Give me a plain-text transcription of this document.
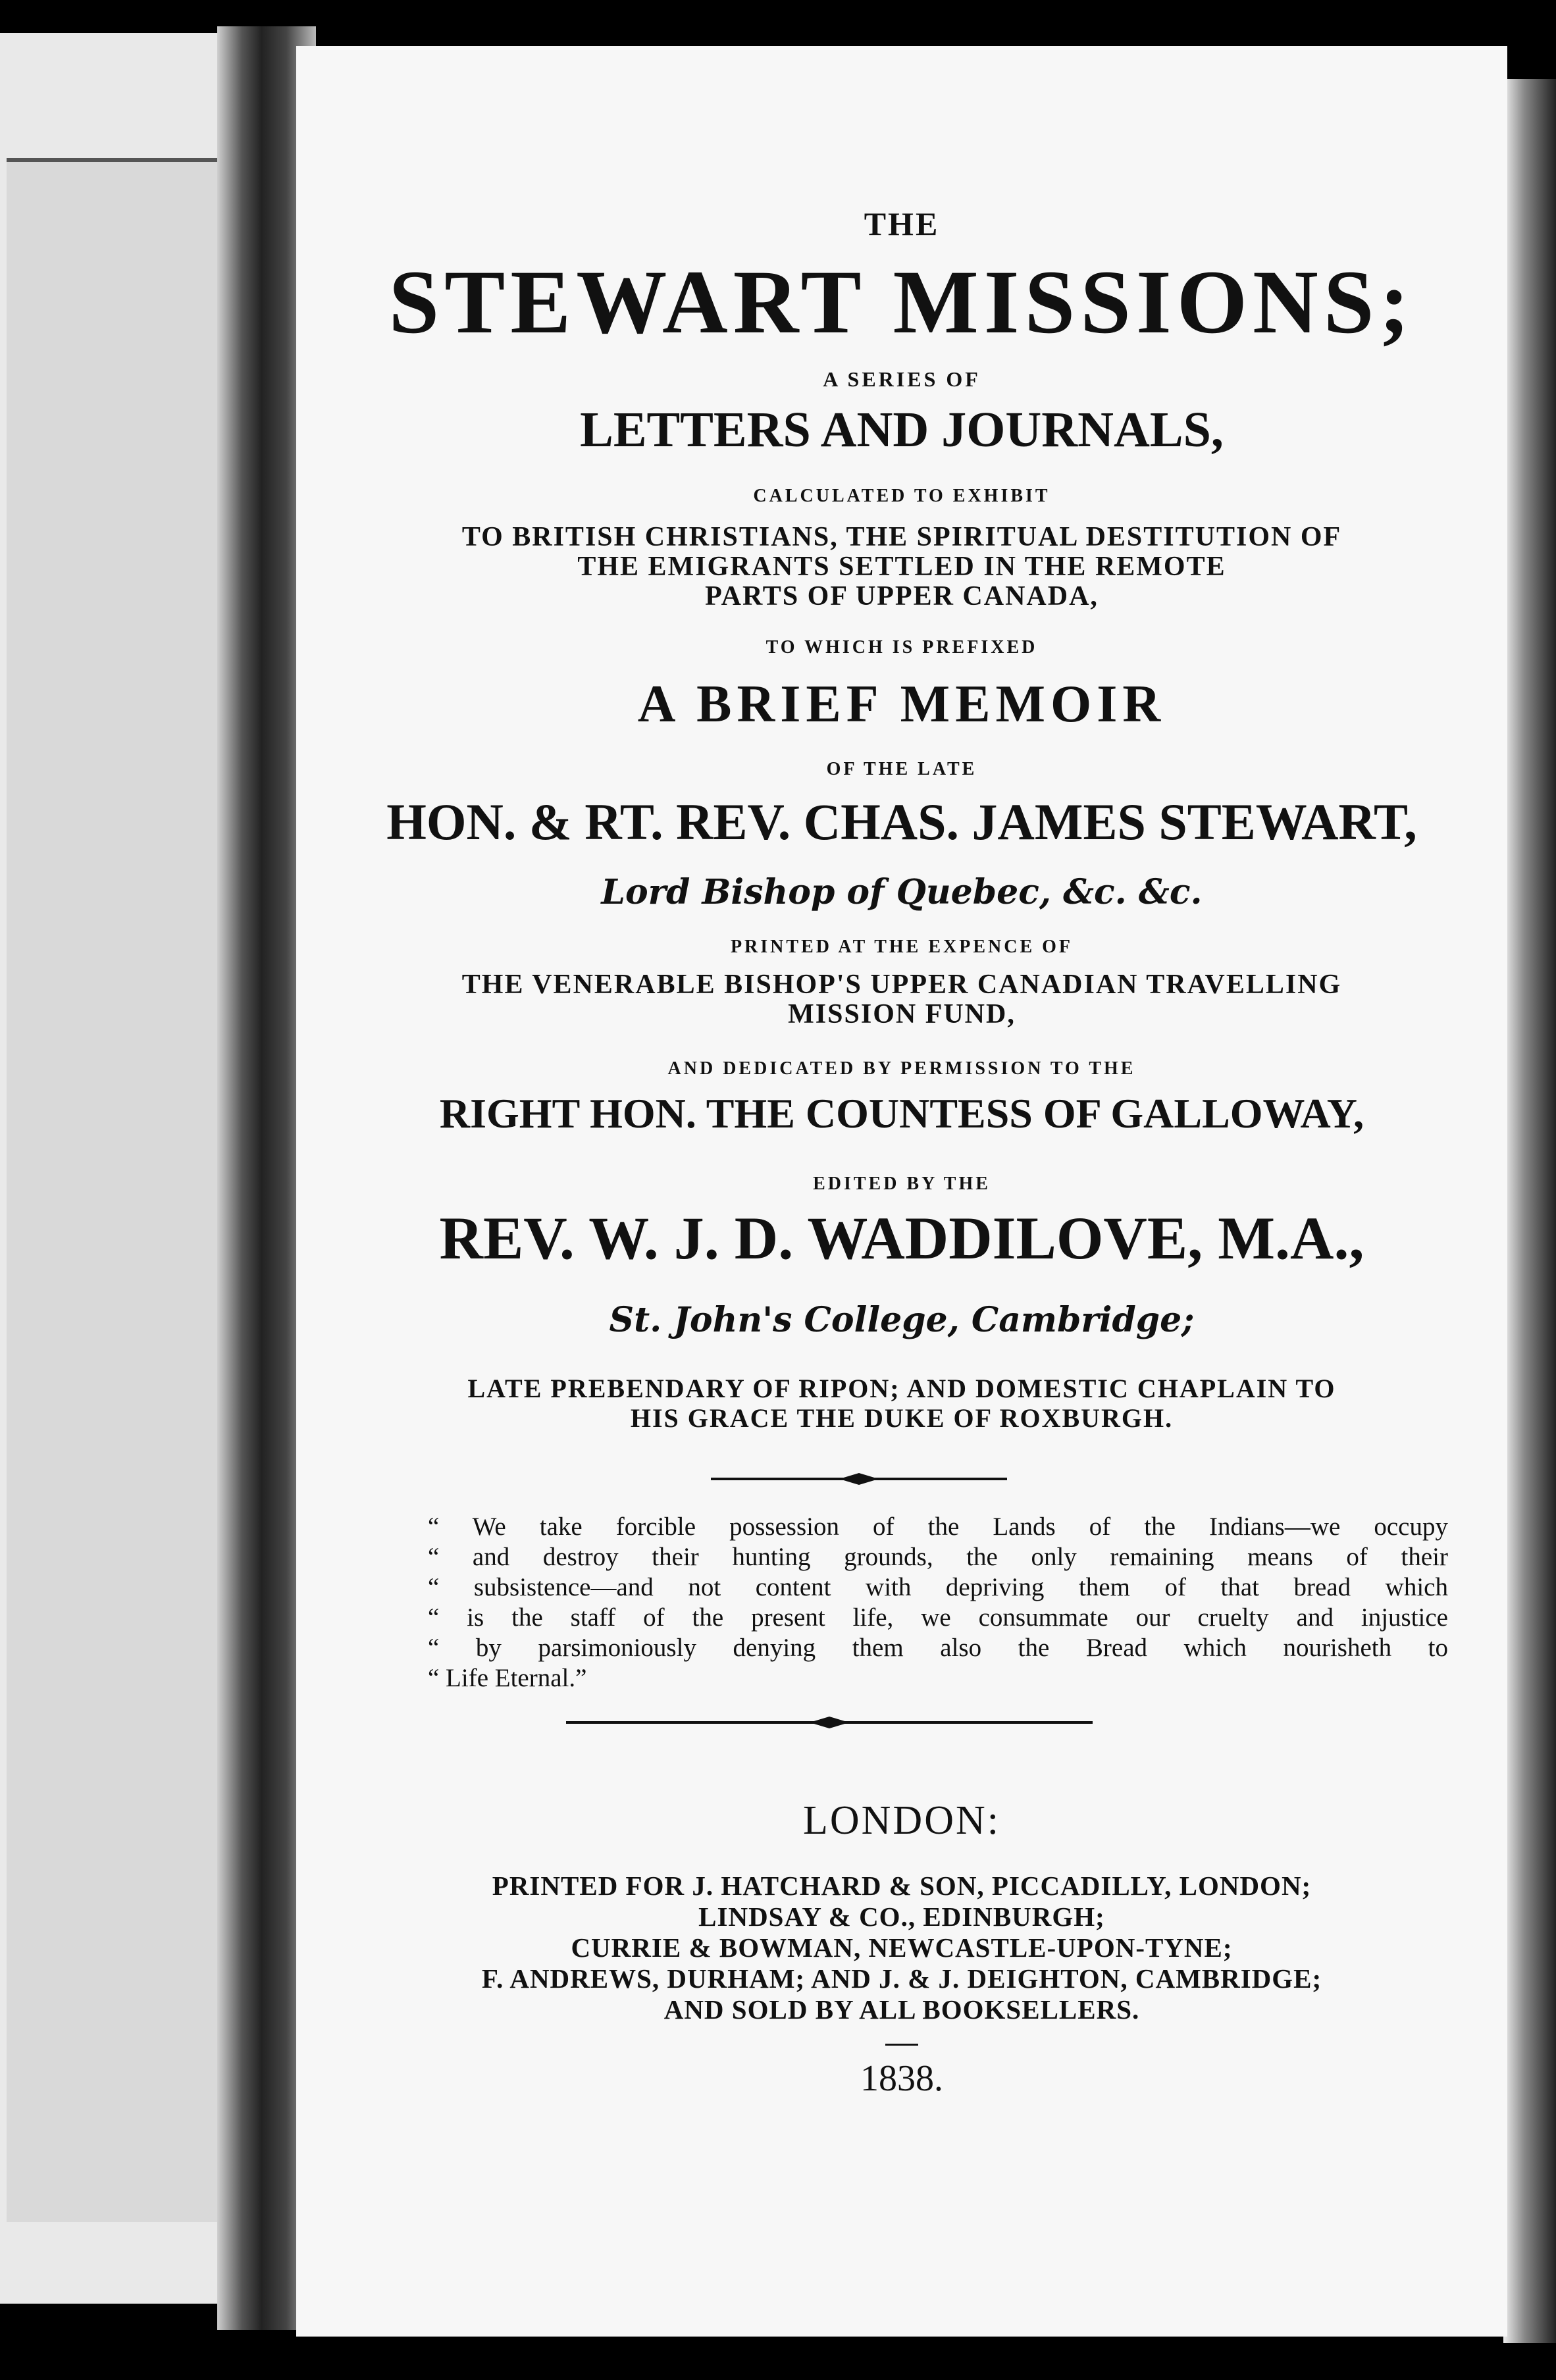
THE
STEWART MISSIONS;
A SERIES OF
LETTERS AND JOURNALS,
CALCULATED TO EXHIBIT
TO BRITISH CHRISTIANS, THE SPIRITUAL DESTITUTION OF
THE EMIGRANTS SETTLED IN THE REMOTE
PARTS OF UPPER CANADA,
TO WHICH IS PREFIXED
A BRIEF MEMOIR
OF THE LATE
HON. & RT. REV. CHAS. JAMES STEWART,
Lord Bishop of Quebec, &c. &c.
PRINTED AT THE EXPENCE OF
THE VENERABLE BISHOP'S UPPER CANADIAN TRAVELLING
MISSION FUND,
AND DEDICATED BY PERMISSION TO THE
RIGHT HON. THE COUNTESS OF GALLOWAY,
EDITED BY THE
REV. W. J. D. WADDILOVE, M.A.,
St. John's College, Cambridge;
LATE PREBENDARY OF RIPON; AND DOMESTIC CHAPLAIN TO
HIS GRACE THE DUKE OF ROXBURGH.
“ We take forcible possession of the Lands of the Indians—we occupy
“ and destroy their hunting grounds, the only remaining means of their
“ subsistence—and not content with depriving them of that bread which
“ is the staff of the present life, we consummate our cruelty and injustice
“ by parsimoniously denying them also the Bread which nourisheth to
“ Life Eternal.”
LONDON:
PRINTED FOR J. HATCHARD & SON, PICCADILLY, LONDON;
LINDSAY & CO., EDINBURGH;
CURRIE & BOWMAN, NEWCASTLE-UPON-TYNE;
F. ANDREWS, DURHAM; AND J. & J. DEIGHTON, CAMBRIDGE;
AND SOLD BY ALL BOOKSELLERS.
1838.
